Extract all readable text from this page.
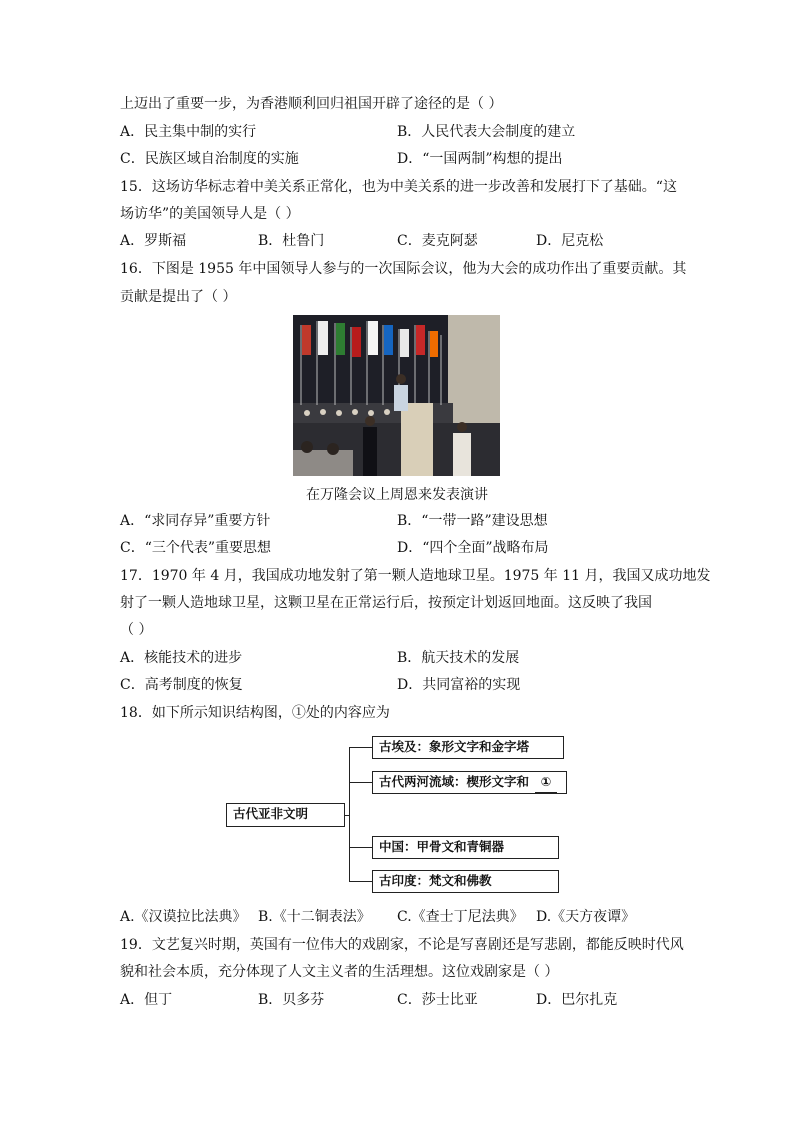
上迈出了重要一步，为香港顺利回归祖国开辟了途径的是（ ）
A．民主集中制的实行	B．人民代表大会制度的建立
C．民族区域自治制度的实施	D．“一国两制”构想的提出
15．这场访华标志着中美关系正常化，也为中美关系的进一步改善和发展打下了基础。“这
场访华”的美国领导人是（ ）
A．罗斯福	B．杜鲁门	C．麦克阿瑟	D．尼克松
16．下图是 1955 年中国领导人参与的一次国际会议，他为大会的成功作出了重要贡献。其
贡献是提出了（ ）
在万隆会议上周恩来发表演讲
A．“求同存异”重要方针	B．“一带一路”建设思想
C．“三个代表”重要思想	D．“四个全面”战略布局
17．1970 年 4 月，我国成功地发射了第一颗人造地球卫星。1975 年 11 月，我国又成功地发
射了一颗人造地球卫星，这颗卫星在正常运行后，按预定计划返回地面。这反映了我国
（ ）
A．核能技术的进步	B．航天技术的发展
C．高考制度的恢复	D．共同富裕的实现
18．如下所示知识结构图，①处的内容应为
古代亚非文明
古埃及：象形文字和金字塔
古代两河流域：楔形文字和 ①
中国：甲骨文和青铜器
古印度：梵文和佛教
A.《汉谟拉比法典》 B.《十二铜表法》 C.《查士丁尼法典》 D.《天方夜谭》
19．文艺复兴时期，英国有一位伟大的戏剧家，不论是写喜剧还是写悲剧，都能反映时代风
貌和社会本质，充分体现了人文主义者的生活理想。这位戏剧家是（ ）
A．但丁	B．贝多芬	C．莎士比亚	D．巴尔扎克
